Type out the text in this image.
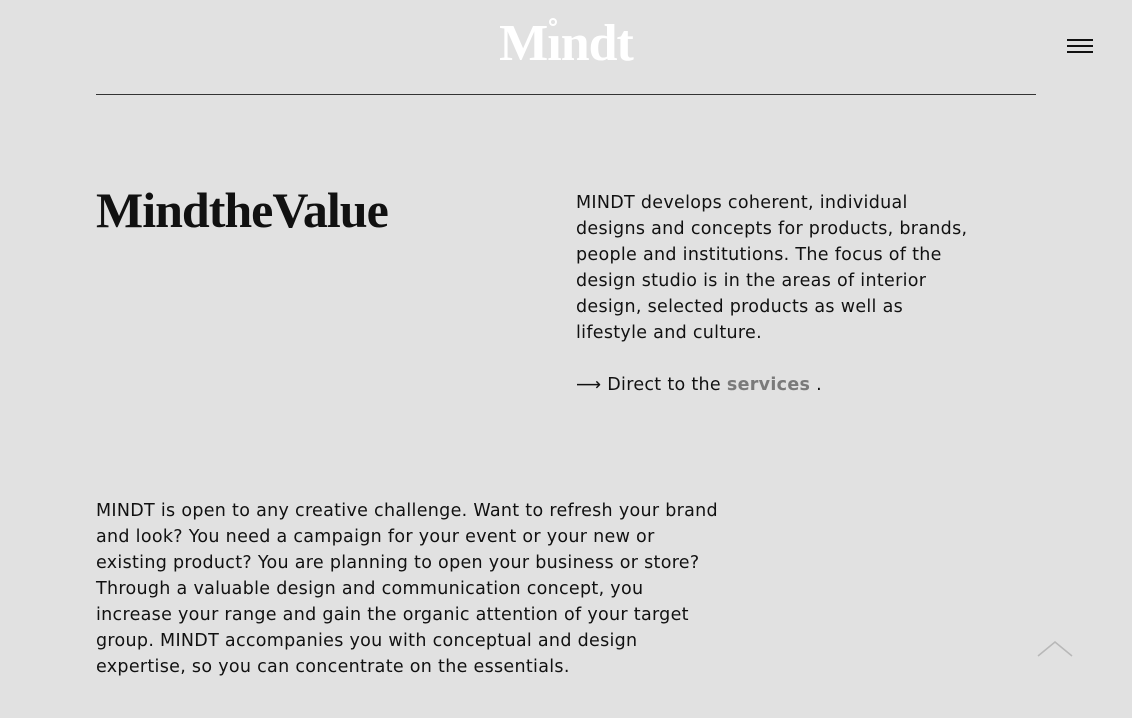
Mı
ndt
MindtheValue	MINDT develops coherent, individual designs and concepts for products, brands, people and institutions. The focus of the design studio is in the areas of interior design, selected products as well as lifestyle and culture.

⟶ Direct to the services .

MINDT is open to any creative challenge. Want to refresh your brand and look? You need a campaign for your event or your new or existing product? You are planning to open your business or store? Through a valuable design and communication concept, you increase your range and gain the organic attention of your target group. MINDT accompanies you with conceptual and design expertise, so you can concentrate on the essentials.
